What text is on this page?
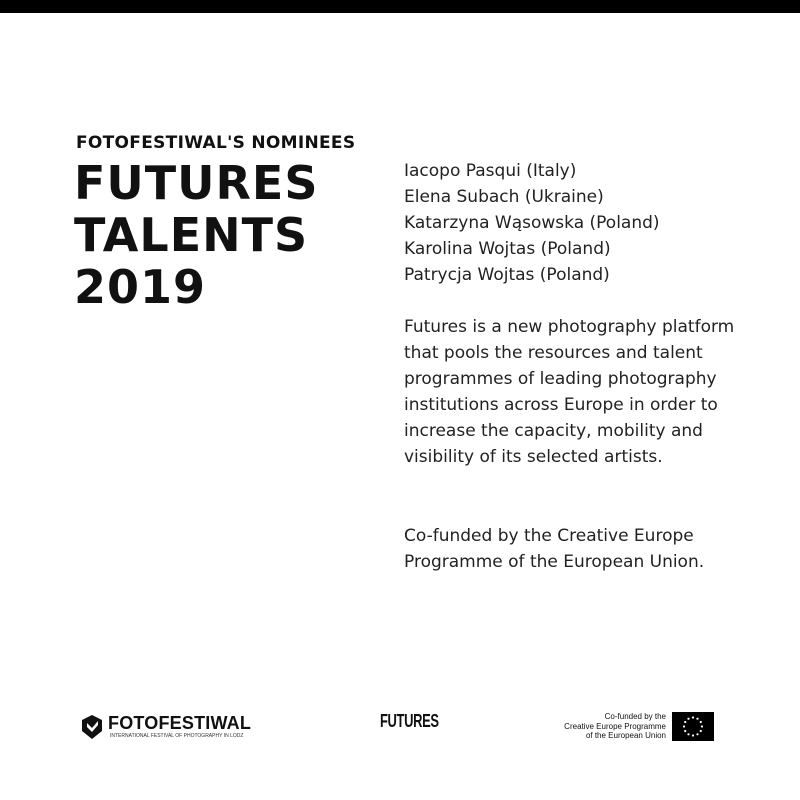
FOTOFESTIWAL'S NOMINEES
FUTURES
TALENTS
2019
Iacopo Pasqui (Italy)
Elena Subach (Ukraine)
Katarzyna Wąsowska (Poland)
Karolina Wojtas (Poland)
Patrycja Wojtas (Poland)

Futures is a new photography platform that pools the resources and talent programmes of leading photography institutions across Europe in order to increase the capacity, mobility and visibility of its selected artists.

Co-funded by the Creative Europe Programme of the European Union.

FOTOFESTIWAL
INTERNATIONAL FESTIVAL OF PHOTOGRAPHY IN LODZ
FUTURES	Co-funded by the
Creative Europe Programme
of the European Union
